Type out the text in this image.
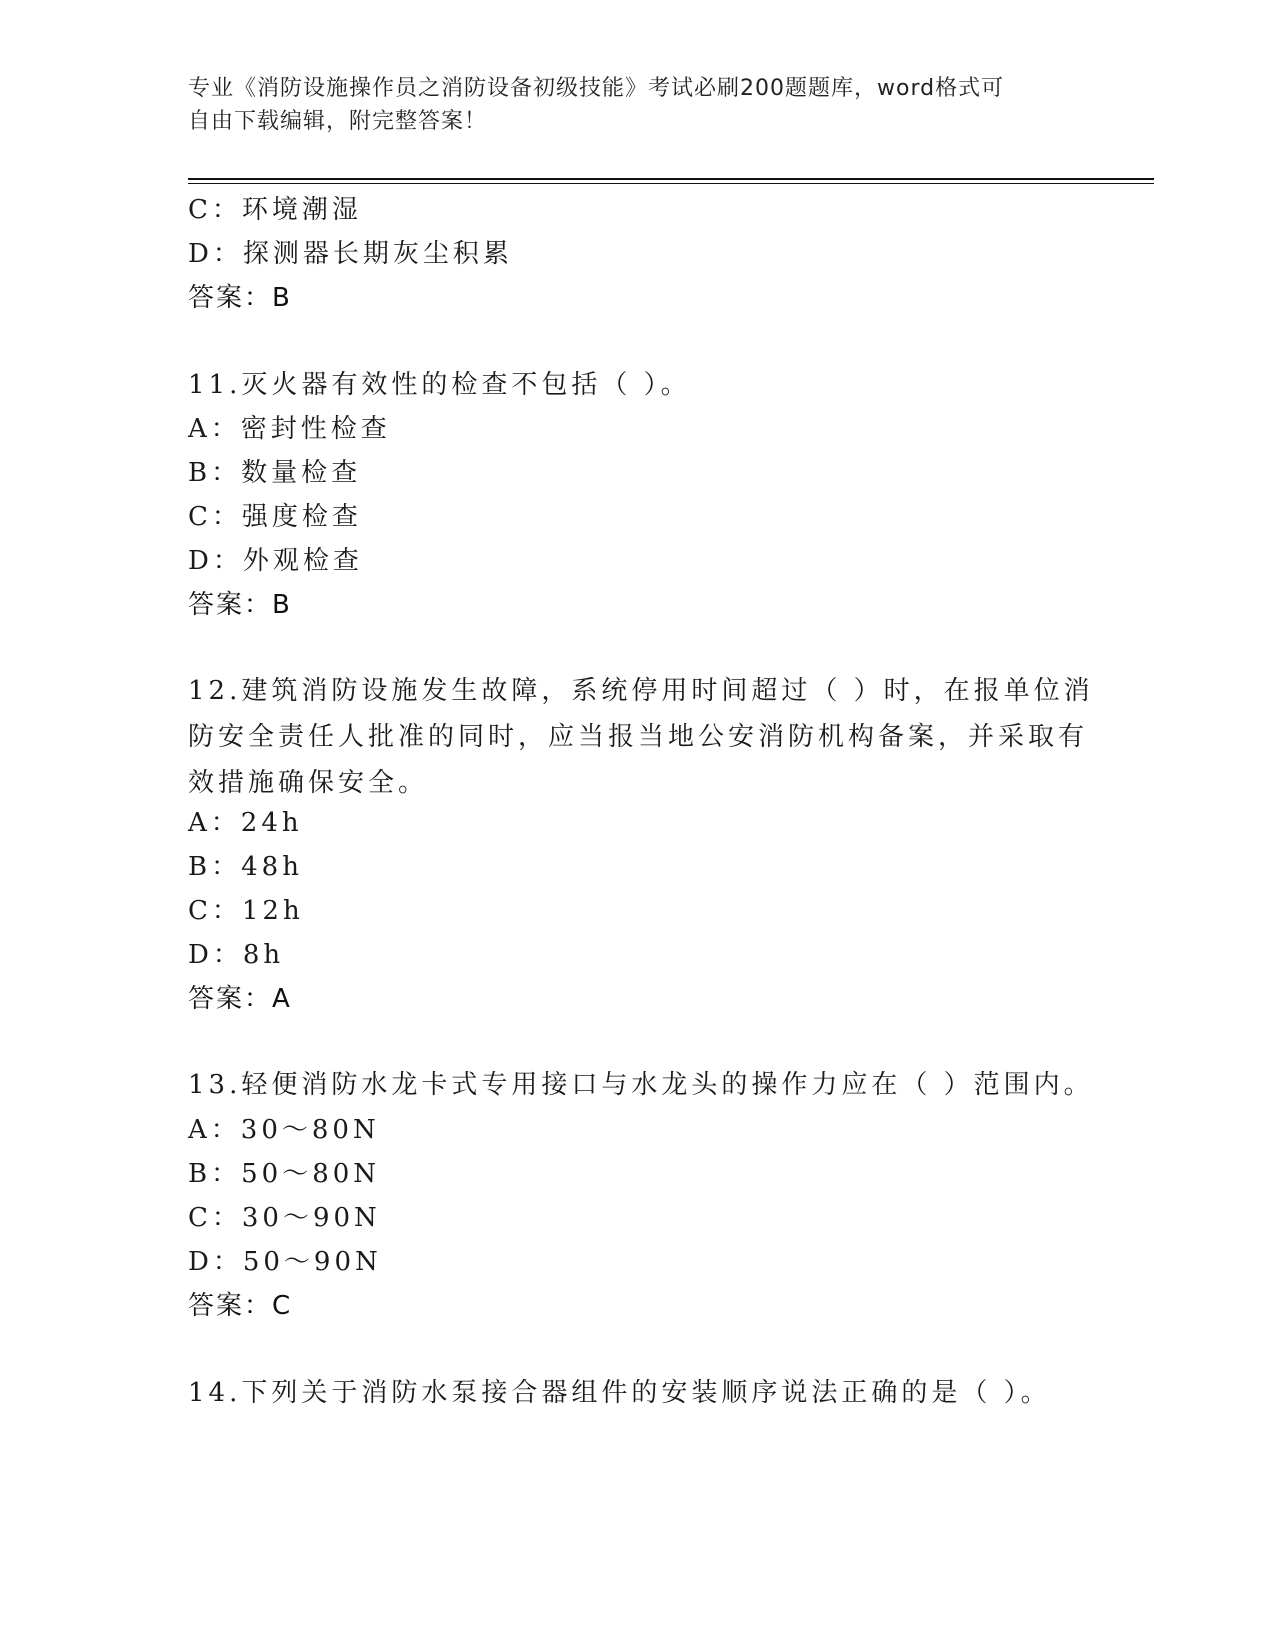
专业《消防设施操作员之消防设备初级技能》考试必刷200题题库，word格式可
自由下载编辑，附完整答案！
C：环境潮湿
D：探测器长期灰尘积累
答案：B
11.灭火器有效性的检查不包括（ ）。
A：密封性检查
B：数量检查
C：强度检查
D：外观检查
答案：B
12.建筑消防设施发生故障，系统停用时间超过（ ）时，在报单位消
防安全责任人批准的同时，应当报当地公安消防机构备案，并采取有
效措施确保安全。
A：24h
B：48h
C：12h
D：8h
答案：A
13.轻便消防水龙卡式专用接口与水龙头的操作力应在（ ）范围内。
A：30～80N
B：50～80N
C：30～90N
D：50～90N
答案：C
14.下列关于消防水泵接合器组件的安装顺序说法正确的是（ ）。
